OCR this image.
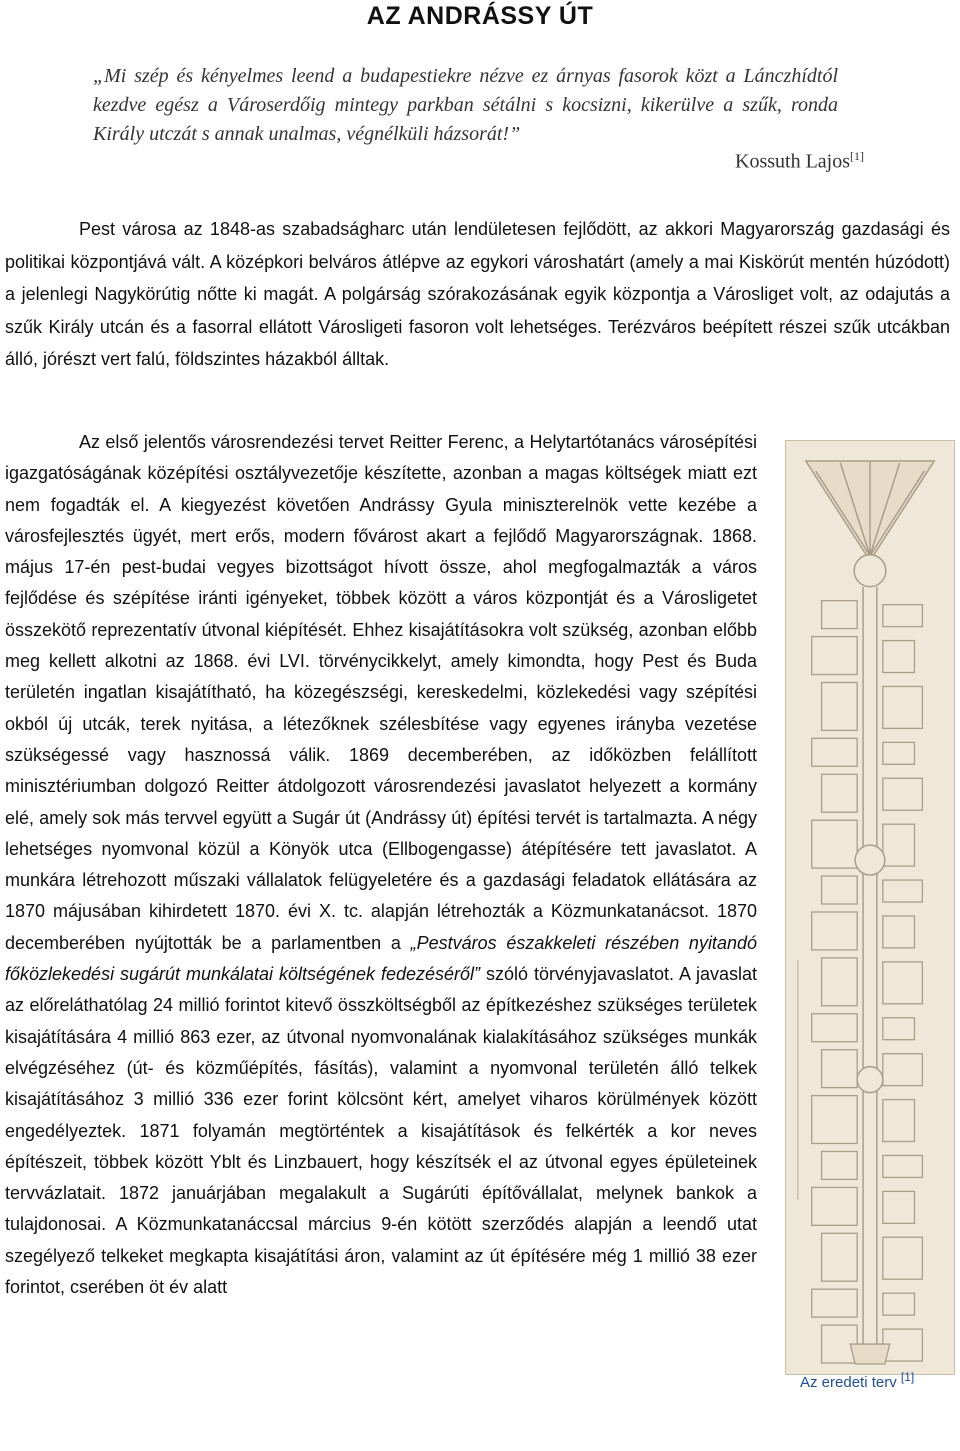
AZ ANDRÁSSY ÚT

„Mi szép és kényelmes leend a budapestiekre nézve ez árnyas fasorok közt a Lánczhídtól kezdve egész a Városerdőig mintegy parkban sétálni s kocsizni, kikerülve a szűk, ronda Király utczát s annak unalmas, végnélküli házsorát!”

Kossuth Lajos[1]

Pest városa az 1848-as szabadságharc után lendületesen fejlődött, az akkori Magyarország gazdasági és politikai központjává vált. A középkori belváros átlépve az egykori városhatárt (amely a mai Kiskörút mentén húzódott) a jelenlegi Nagykörútig nőtte ki magát. A polgárság szórakozásának egyik központja a Városliget volt, az odajutás a szűk Király utcán és a fasorral ellátott Városligeti fasoron volt lehetséges. Terézváros beépített részei szűk utcákban álló, jórészt vert falú, földszintes házakból álltak.

Az első jelentős városrendezési tervet Reitter Ferenc, a Helytartótanács városépítési igazgatóságának középítési osztályvezetője készítette, azonban a magas költségek miatt ezt nem fogadták el. A kiegyezést követően Andrássy Gyula miniszterelnök vette kezébe a városfejlesztés ügyét, mert erős, modern fővárost akart a fejlődő Magyarországnak. 1868. május 17-én pest-budai vegyes bizottságot hívott össze, ahol megfogalmazták a város fejlődése és szépítése iránti igényeket, többek között a város központját és a Városligetet összekötő reprezentatív útvonal kiépítését. Ehhez kisajátításokra volt szükség, azonban előbb meg kellett alkotni az 1868. évi LVI. törvénycikkelyt, amely kimondta, hogy Pest és Buda területén ingatlan kisajátítható, ha közegészségi, kereskedelmi, közlekedési vagy szépítési okból új utcák, terek nyitása, a létezőknek szélesbítése vagy egyenes irányba vezetése szükségessé vagy hasznossá válik. 1869 decemberében, az időközben felállított minisztériumban dolgozó Reitter átdolgozott városrendezési javaslatot helyezett a kormány elé, amely sok más tervvel együtt a Sugár út (Andrássy út) építési tervét is tartalmazta. A négy lehetséges nyomvonal közül a Könyök utca (Ellbogengasse) átépítésére tett javaslatot. A munkára létrehozott műszaki vállalatok felügyeletére és a gazdasági feladatok ellátására az 1870 májusában kihirdetett 1870. évi X. tc. alapján létrehozták a Közmunkatanácsot. 1870 decemberében nyújtották be a parlamentben a „Pestváros északkeleti részében nyitandó főközlekedési sugárút munkálatai költségének fedezéséről” szóló törvényjavaslatot. A javaslat az előreláthatólag 24 millió forintot kitevő összköltségből az építkezéshez szükséges területek kisajátítására 4 millió 863 ezer, az útvonal nyomvonalának kialakításához szükséges munkák elvégzéséhez (út- és közműépítés, fásítás), valamint a nyomvonal területén álló telkek kisajátításához 3 millió 336 ezer forint kölcsönt kért, amelyet viharos körülmények között engedélyeztek. 1871 folyamán megtörténtek a kisajátítások és felkérték a kor neves építészeit, többek között Yblt és Linzbauert, hogy készítsék el az útvonal egyes épületeinek tervvázlatait. 1872 januárjában megalakult a Sugárúti építővállalat, melynek bankok a tulajdonosai. A Közmunkatanáccsal március 9-én kötött szerződés alapján a leendő utat szegélyező telkeket megkapta kisajátítási áron, valamint az út építésére még 1 millió 38 ezer forintot, cserében öt év alatt

Az eredeti terv [1]
